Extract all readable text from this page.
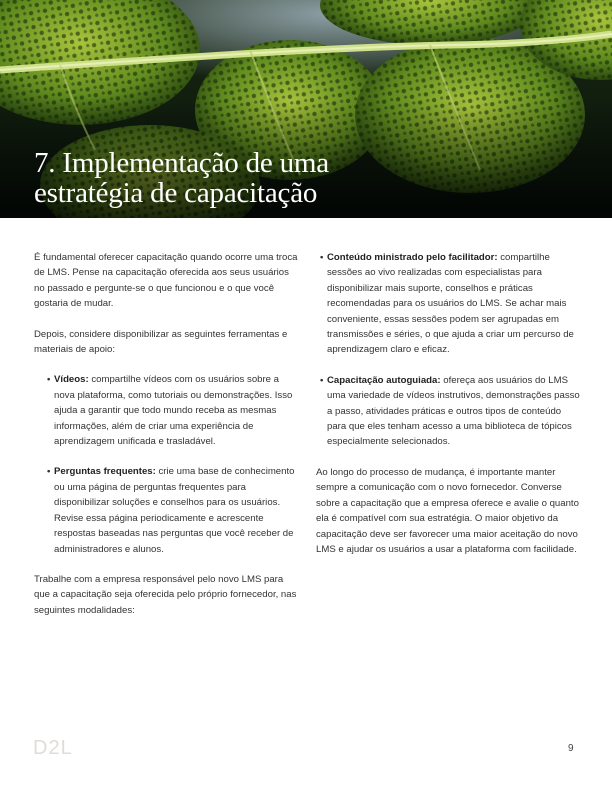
7. Implementação de uma
estratégia de capacitação

É fundamental oferecer capacitação quando ocorre uma troca de LMS. Pense na capacitação oferecida aos seus usuários no passado e pergunte-se o que funcionou e o que você gostaria de mudar.

Depois, considere disponibilizar as seguintes ferramentas e materiais de apoio:

• Vídeos: compartilhe vídeos com os usuários sobre a nova plataforma, como tutoriais ou demonstrações. Isso ajuda a garantir que todo mundo receba as mesmas informações, além de criar uma experiência de aprendizagem unificada e trasladável.
• Perguntas frequentes: crie uma base de conhecimento ou uma página de perguntas frequentes para disponibilizar soluções e conselhos para os usuários. Revise essa página periodicamente e acrescente respostas baseadas nas perguntas que você receber de administradores e alunos.

Trabalhe com a empresa responsável pelo novo LMS para que a capacitação seja oferecida pelo próprio fornecedor, nas seguintes modalidades:

• Conteúdo ministrado pelo facilitador: compartilhe sessões ao vivo realizadas com especialistas para disponibilizar mais suporte, conselhos e práticas recomendadas para os usuários do LMS. Se achar mais conveniente, essas sessões podem ser agrupadas em transmissões e séries, o que ajuda a criar um percurso de aprendizagem claro e eficaz.
• Capacitação autoguiada: ofereça aos usuários do LMS uma variedade de vídeos instrutivos, demonstrações passo a passo, atividades práticas e outros tipos de conteúdo para que eles tenham acesso a uma biblioteca de tópicos especialmente selecionados.

Ao longo do processo de mudança, é importante manter sempre a comunicação com o novo fornecedor. Converse sobre a capacitação que a empresa oferece e avalie o quanto ela é compatível com sua estratégia. O maior objetivo da capacitação deve ser favorecer uma maior aceitação do novo LMS e ajudar os usuários a usar a plataforma com facilidade.

D2L	9
